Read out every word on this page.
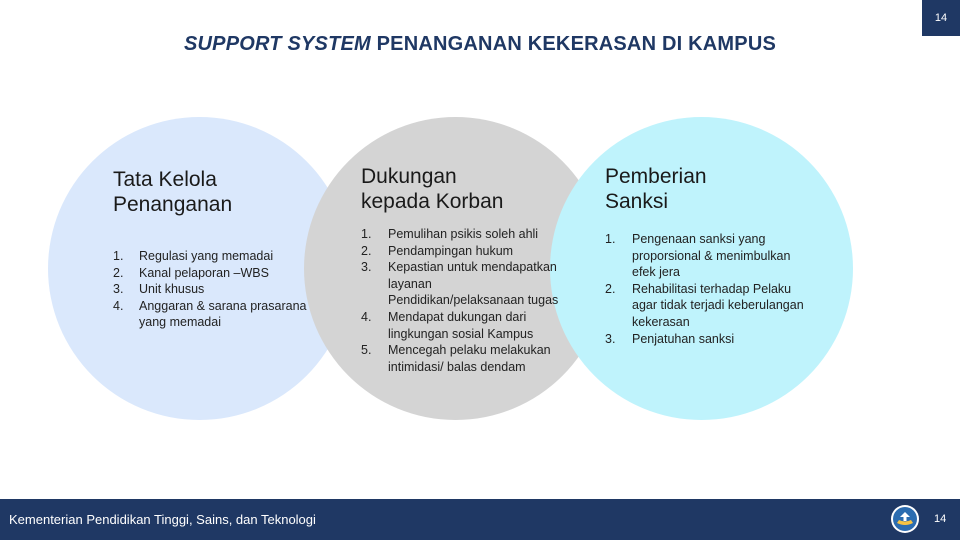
14
SUPPORT SYSTEM PENANGANAN KEKERASAN DI KAMPUS
Tata Kelola
Penanganan
1. Regulasi yang memadai
2. Kanal pelaporan –WBS
3. Unit khusus
4. Anggaran & sarana prasarana yang memadai
Dukungan
kepada Korban
1. Pemulihan psikis soleh ahli
2. Pendampingan hukum
3. Kepastian untuk mendapatkan layanan Pendidikan/pelaksanaan tugas
4. Mendapat dukungan dari lingkungan sosial Kampus
5. Mencegah pelaku melakukan intimidasi/ balas dendam
Pemberian
Sanksi
1. Pengenaan sanksi yang proporsional & menimbulkan efek jera
2. Rehabilitasi terhadap Pelaku agar tidak terjadi keberulangan kekerasan
3. Penjatuhan sanksi
Kementerian Pendidikan Tinggi, Sains, dan Teknologi	14
